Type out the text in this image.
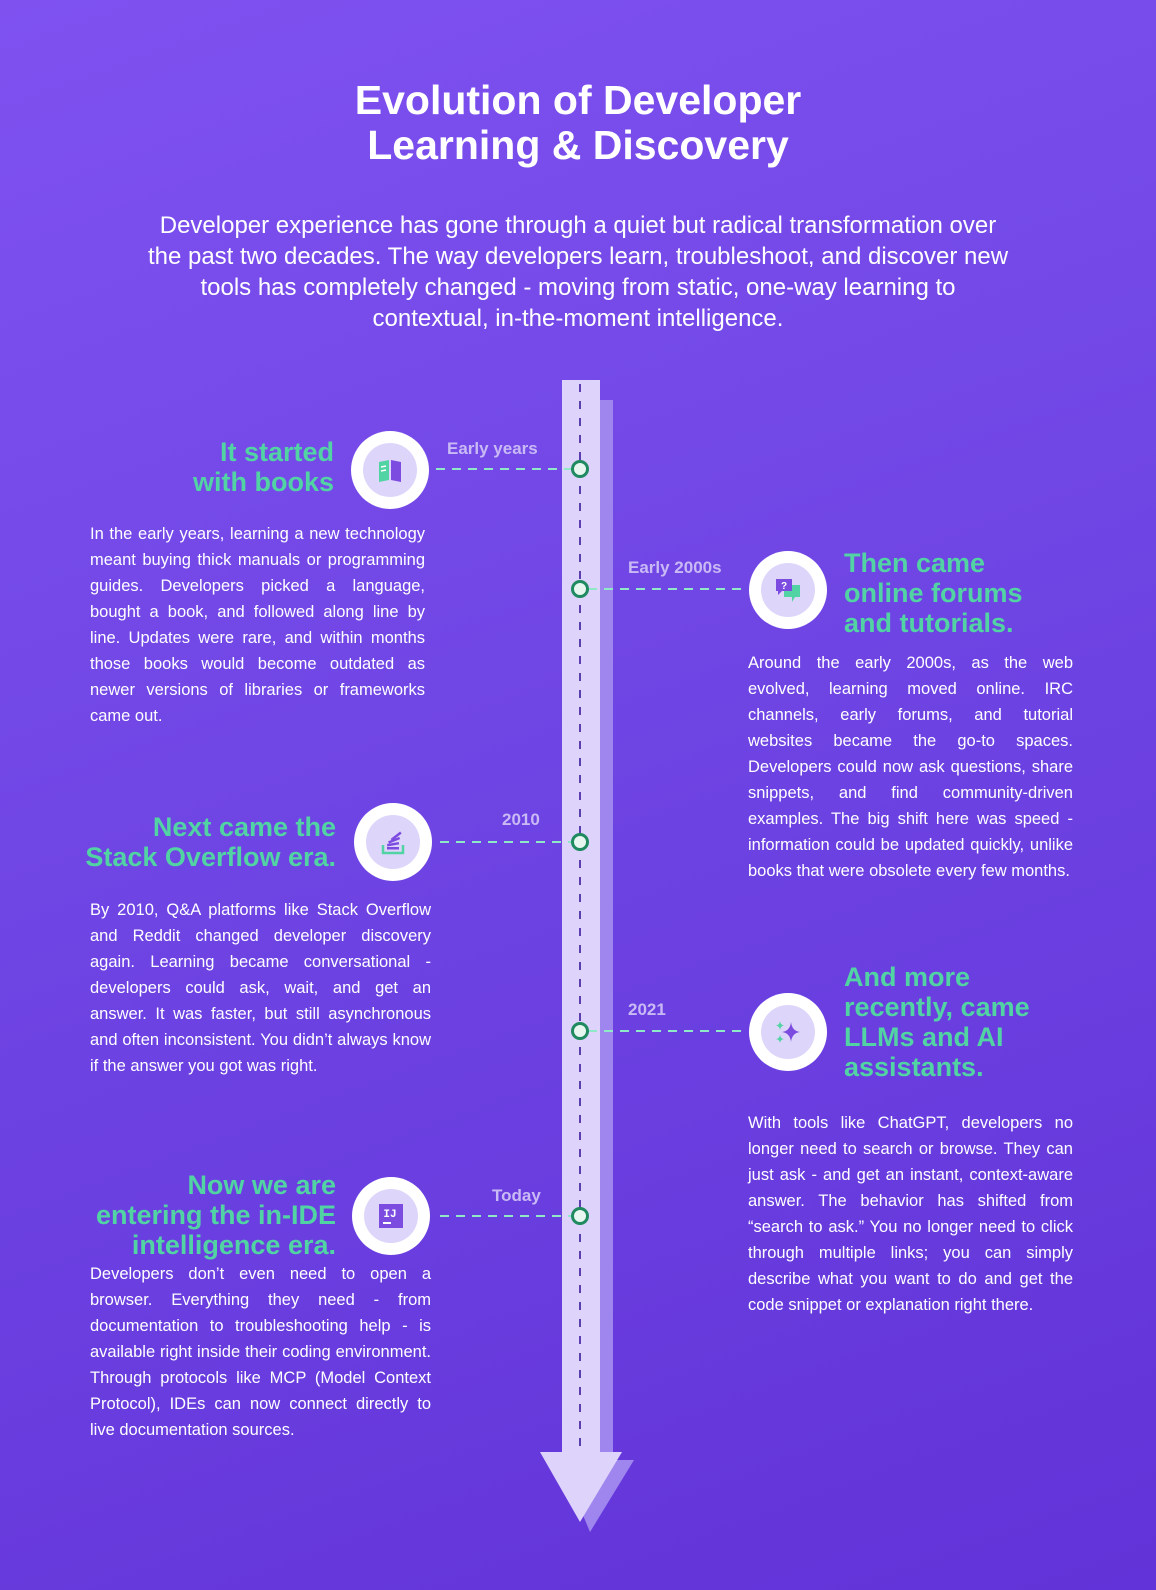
Evolution of Developer
Learning & Discovery
Developer experience has gone through a quiet but radical transformation over the past two decades. The way developers learn, troubleshoot, and discover new tools has completely changed - moving from static, one-way learning to contextual, in-the-moment intelligence.
Early years
Early 2000s
2010
2021
Today
It started
with books

In the early years, learning a new technology meant buying thick manuals or programming guides. Developers picked a language, bought a book, and followed along line by line. Updates were rare, and within months those books would become outdated as newer versions of libraries or frameworks came out.

?
Then came
online forums
and tutorials.

Around the early 2000s, as the web evolved, learning moved online. IRC channels, early forums, and tutorial websites became the go-to spaces. Developers could now ask questions, share snippets, and find community-driven examples. The big shift here was speed - information could be updated quickly, unlike books that were obsolete every few months.

Next came the
Stack Overflow era.

By 2010, Q&A platforms like Stack Overflow and Reddit changed developer discovery again. Learning became conversational - developers could ask, wait, and get an answer. It was faster, but still asynchronous and often inconsistent. You didn’t always know if the answer you got was right.

And more
recently, came
LLMs and AI
assistants.

With tools like ChatGPT, developers no longer need to search or browse. They can just ask - and get an instant, context-aware answer. The behavior has shifted from “search to ask.” You no longer need to click through multiple links; you can simply describe what you want to do and get the code snippet or explanation right there.

Now we are
entering the in-IDE
intelligence era.
IJ

Developers don’t even need to open a browser. Everything they need - from documentation to troubleshooting help - is available right inside their coding environment. Through protocols like MCP (Model Context Protocol), IDEs can now connect directly to live documentation sources.
